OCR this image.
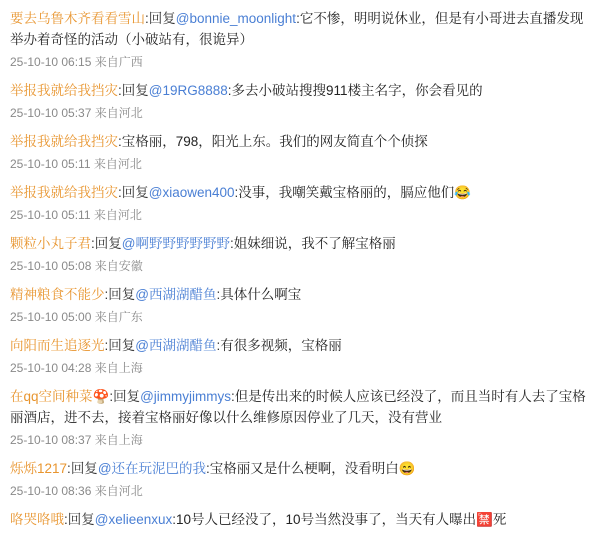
要去乌鲁木齐看看雪山:回复@bonnie_moonlight:它不惨，明明说休业，但是有小哥进去直播发现举办着奇怪的活动（小破站有，很诡异）
25-10-10 06:15 来自广西
举报我就给我挡灾:回复@19RG8888:多去小破站搜搜911楼主名字，你会看见的
25-10-10 05:37 来自河北
举报我就给我挡灾:宝格丽，798，阳光上东。我们的网友简直个个侦探
25-10-10 05:11 来自河北
举报我就给我挡灾:回复@xiaowen400:没事，我嘲笑戴宝格丽的，膈应他们😂
25-10-10 05:11 来自河北
颗粒小丸子君:回复@啊野野野野野野:姐妹细说，我不了解宝格丽
25-10-10 05:08 来自安徽
精神粮食不能少:回复@西湖湖醋鱼:具体什么啊宝
25-10-10 05:00 来自广东
向阳而生追逐光:回复@西湖湖醋鱼:有很多视频，宝格丽
25-10-10 04:28 来自上海
在qq空间种菜🍄:回复@jimmyjimmys:但是传出来的时候人应该已经没了，而且当时有人去了宝格丽酒店，进不去，接着宝格丽好像以什么维修原因停业了几天，没有营业
25-10-10 08:37 来自上海
烁烁1217:回复@还在玩泥巴的我:宝格丽又是什么梗啊，没看明白😄
25-10-10 08:36 来自河北
咯哭咯哦:回复@xelieenxux:10号人已经没了，10号当然没事了，当天有人曝出🈲死
